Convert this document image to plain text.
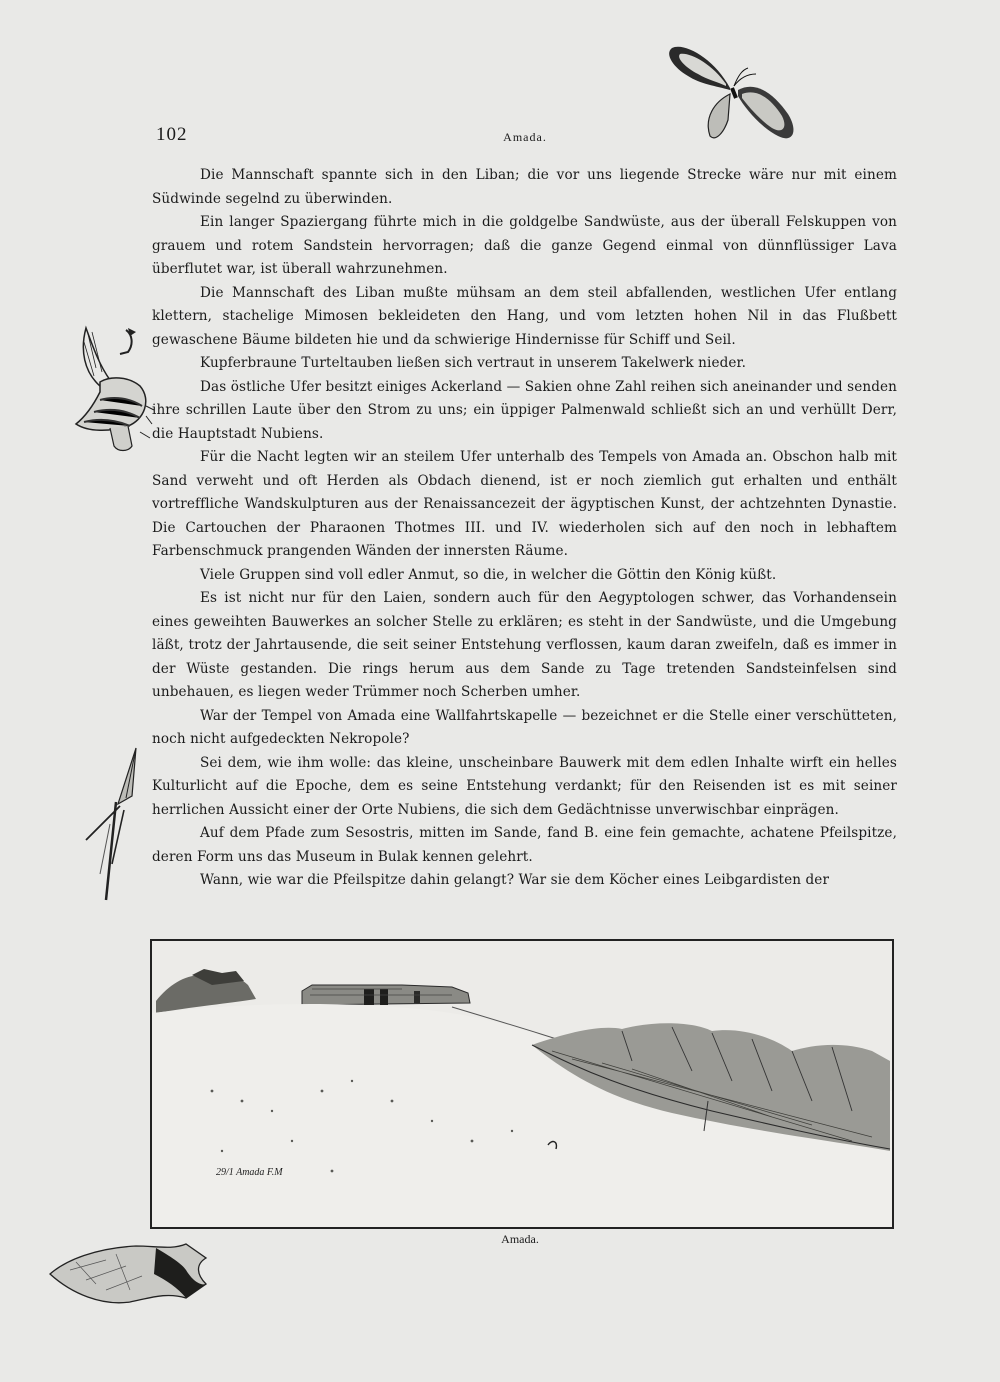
102	Amada.

Die Mannschaft spannte sich in den Liban; die vor uns liegende Strecke wäre nur mit einem Südwinde segelnd zu überwinden.

Ein langer Spaziergang führte mich in die goldgelbe Sandwüste, aus der überall Felskuppen von grauem und rotem Sandstein hervorragen; daß die ganze Gegend einmal von dünnflüssiger Lava überflutet war, ist überall wahrzunehmen.

Die Mannschaft des Liban mußte mühsam an dem steil abfallenden, westlichen Ufer entlang klettern, stachelige Mimosen bekleideten den Hang, und vom letzten hohen Nil in das Flußbett gewaschene Bäume bildeten hie und da schwierige Hindernisse für Schiff und Seil.

Kupferbraune Turteltauben ließen sich vertraut in unserem Takelwerk nieder.

Das östliche Ufer besitzt einiges Ackerland — Sakien ohne Zahl reihen sich aneinander und senden ihre schrillen Laute über den Strom zu uns; ein üppiger Palmenwald schließt sich an und verhüllt Derr, die Hauptstadt Nubiens.

Für die Nacht legten wir an steilem Ufer unterhalb des Tempels von Amada an. Obschon halb mit Sand verweht und oft Herden als Obdach dienend, ist er noch ziemlich gut erhalten und enthält vortreffliche Wandskulpturen aus der Renaissancezeit der ägyptischen Kunst, der achtzehnten Dynastie. Die Cartouchen der Pharaonen Thotmes III. und IV. wiederholen sich auf den noch in lebhaftem Farbenschmuck prangenden Wänden der innersten Räume.

Viele Gruppen sind voll edler Anmut, so die, in welcher die Göttin den König küßt.

Es ist nicht nur für den Laien, sondern auch für den Aegyptologen schwer, das Vorhandensein eines geweihten Bauwerkes an solcher Stelle zu erklären; es steht in der Sandwüste, und die Umgebung läßt, trotz der Jahrtausende, die seit seiner Entstehung verflossen, kaum daran zweifeln, daß es immer in der Wüste gestanden. Die rings herum aus dem Sande zu Tage tretenden Sandsteinfelsen sind unbehauen, es liegen weder Trümmer noch Scherben umher.

War der Tempel von Amada eine Wallfahrtskapelle — bezeichnet er die Stelle einer verschütteten, noch nicht aufgedeckten Nekropole?

Sei dem, wie ihm wolle: das kleine, unscheinbare Bauwerk mit dem edlen Inhalte wirft ein helles Kulturlicht auf die Epoche, dem es seine Entstehung verdankt; für den Reisenden ist es mit seiner herrlichen Aussicht einer der Orte Nubiens, die sich dem Gedächtnisse unverwischbar einprägen.

Auf dem Pfade zum Sesostris, mitten im Sande, fand B. eine fein gemachte, achatene Pfeilspitze, deren Form uns das Museum in Bulak kennen gelehrt.

Wann, wie war die Pfeilspitze dahin gelangt? War sie dem Köcher eines Leibgardisten der

29/1 Amada F.M
Amada.
